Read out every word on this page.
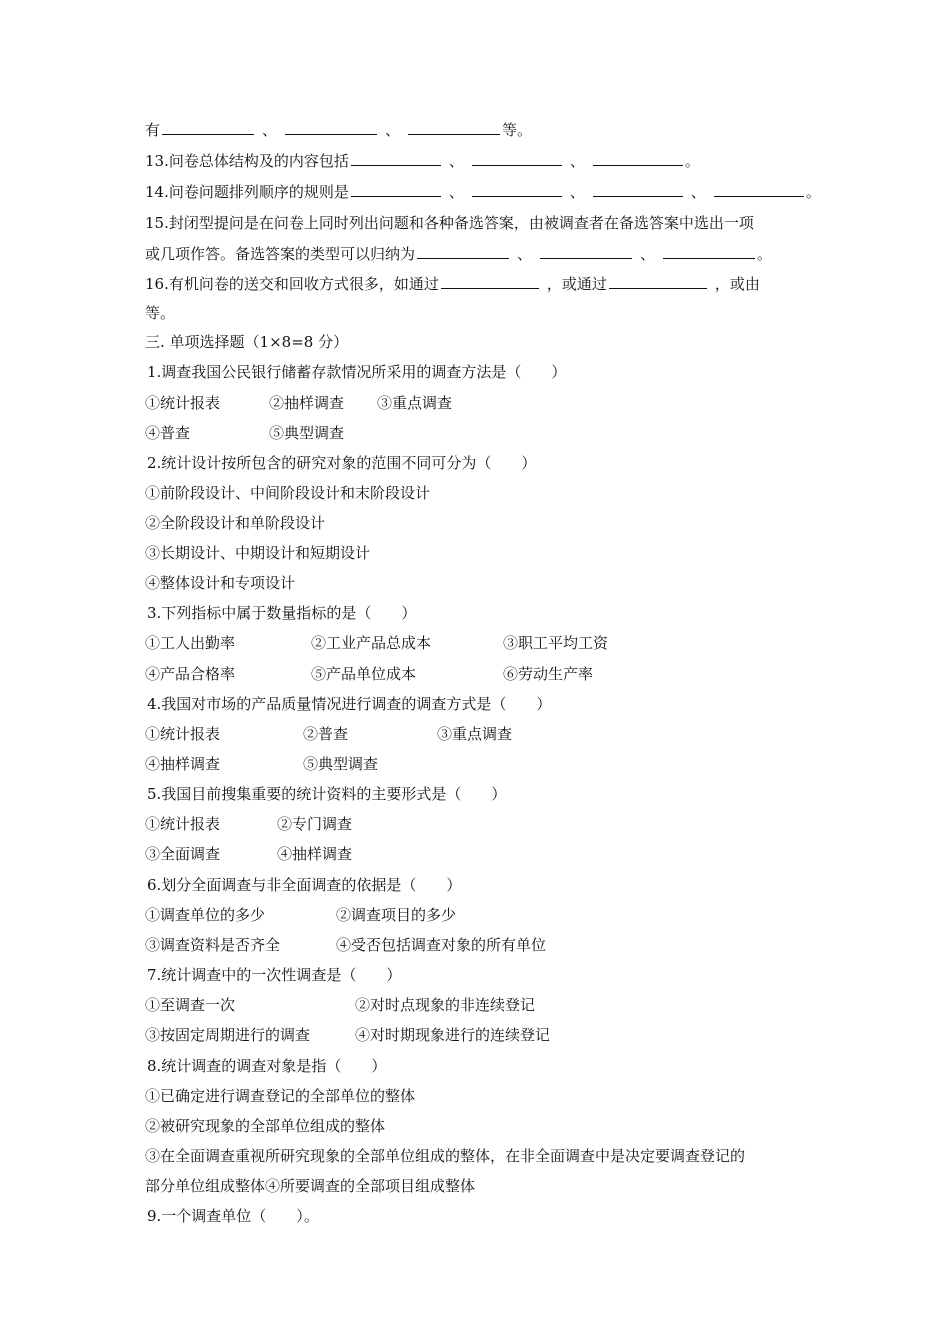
有	、	、	等。
13.问卷总体结构及的内容包括	、	、	。
14.问卷问题排列顺序的规则是	、	、	、	。
15.封闭型提问是在问卷上同时列出问题和各种备选答案，由被调查者在备选答案中选出一项
或几项作答。备选答案的类型可以归纳为	、	、	。
16.有机问卷的送交和回收方式很多，如通过	，或通过	，或由
等。
三. 单项选择题（1×8=8 分）
1.调查我国公民银行储蓄存款情况所采用的调查方法是（　　）
①统计报表	②抽样调查 ③重点调查
④普查	⑤典型调查
2.统计设计按所包含的研究对象的范围不同可分为（　　）
①前阶段设计、中间阶段设计和末阶段设计
②全阶段设计和单阶段设计
③长期设计、中期设计和短期设计
④整体设计和专项设计
3.下列指标中属于数量指标的是（　　）
①工人出勤率	②工业产品总成本	③职工平均工资
④产品合格率	⑤产品单位成本	⑥劳动生产率
4.我国对市场的产品质量情况进行调查的调查方式是（　　）
①统计报表	②普查	③重点调查
④抽样调查	⑤典型调查
5.我国目前搜集重要的统计资料的主要形式是（　　）
①统计报表	②专门调查
③全面调查	④抽样调查
6.划分全面调查与非全面调查的依据是（　　）
①调查单位的多少	②调查项目的多少
③调查资料是否齐全	④受否包括调查对象的所有单位
7.统计调查中的一次性调查是（　　）
①至调查一次	②对时点现象的非连续登记
③按固定周期进行的调查	④对时期现象进行的连续登记
8.统计调查的调查对象是指（　　）
①已确定进行调查登记的全部单位的整体
②被研究现象的全部单位组成的整体
③在全面调查重视所研究现象的全部单位组成的整体，在非全面调查中是决定要调查登记的
部分单位组成整体④所要调查的全部项目组成整体
9.一个调查单位（　　）。
